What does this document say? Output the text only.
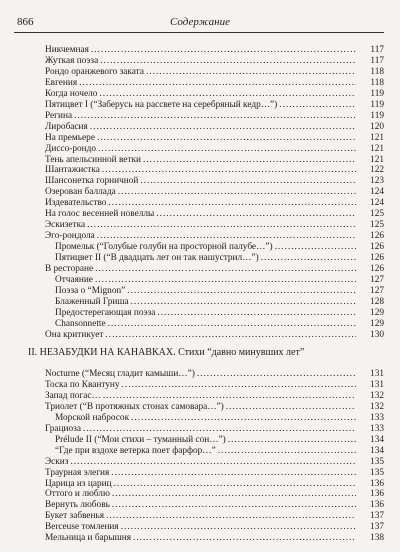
866	Содержание
Никчемная .....	117
Жуткая поэза .....	117
Рондо оранжевого заката .....	118
Евгения .....	118
Когда ночело .....	119
Пятицвет I (“Заберусь на рассвете на серебряный кедр…”) .....	119
Регина .....	119
Лиробасия .....	120
На премьере .....	121
Диссо-рондо .....	121
Тень апельсинной ветки .....	121
Шантажистка .....	122
Шансонетка горничной .....	123
Озерован баллада .....	124
Издевательство .....	124
На голос весенней новеллы .....	125
Эскизетка .....	125
Эго-рондола .....	126
Промельк (“Голубые голуби на просторной палубе…”) .....	126
Пятицвет II (“В двадцать лет он так нашустрил…”) .....	126
В ресторане .....	126
Отчаяние .....	127
Поэза о “Mignon” .....	127
Блаженный Гриша .....	128
Предостерегающая поэза .....	129
Chansonnette .....	129
Она критикует .....	130
II. НЕЗАБУДКИ НА КАНАВКАХ. Стихи “давно минувших лет”
Nocturne (“Месяц гладит камыши…”) .....	131
Тоска по Квантуну .....	131
Запад погас… .....	132
Триолет (“В протяжных стонах самовара…”) .....	132
Морской набросок .....	133
Грациоза .....	133
Prélude II (“Мои стихи – туманный сон…”) .....	134
“Где при вздохе ветерка поет фарфор…” .....	134
Эскиз .....	135
Траурная элегия .....	135
Царица из цариц .....	136
Оттого и люблю .....	136
Вернуть любовь .....	136
Букет забвенья .....	137
Berceuse томления .....	137
Мельница и барышня .....	138
